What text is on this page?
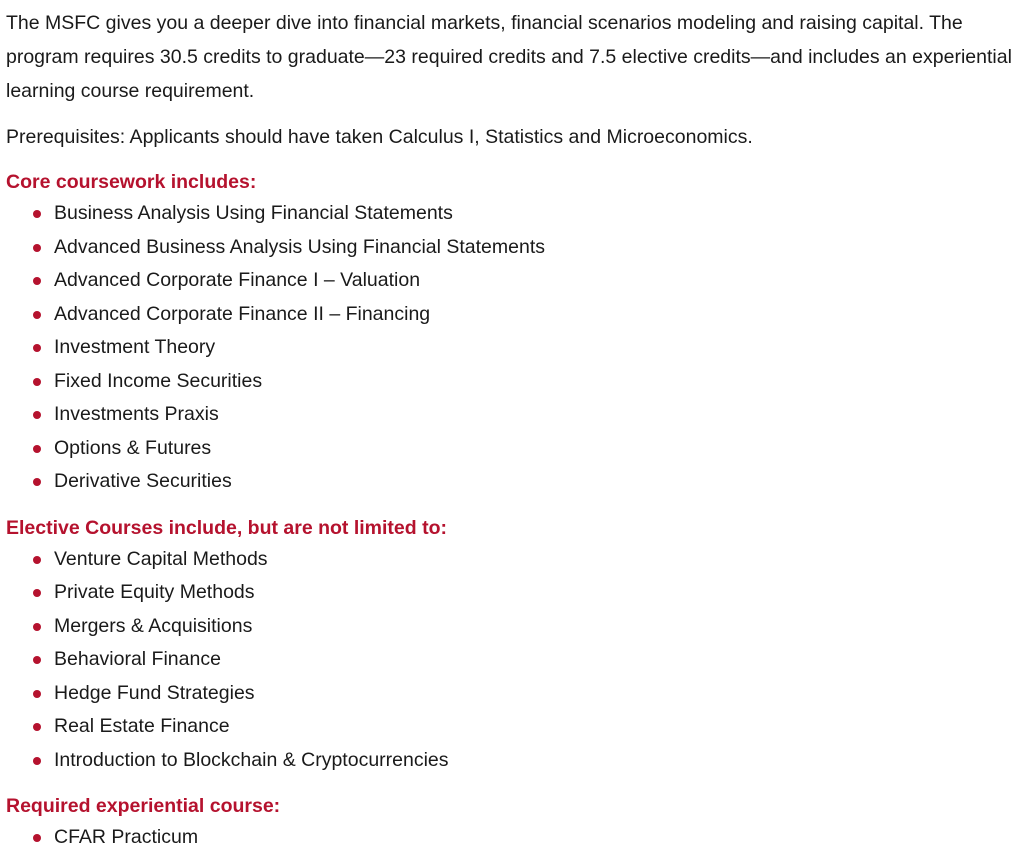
The MSFC gives you a deeper dive into financial markets, financial scenarios modeling and raising capital. The program requires 30.5 credits to graduate—23 required credits and 7.5 elective credits—and includes an experiential learning course requirement.

Prerequisites: Applicants should have taken Calculus I, Statistics and Microeconomics.

Core coursework includes:
Business Analysis Using Financial Statements
Advanced Business Analysis Using Financial Statements
Advanced Corporate Finance I – Valuation
Advanced Corporate Finance II – Financing
Investment Theory
Fixed Income Securities
Investments Praxis
Options & Futures
Derivative Securities
Elective Courses include, but are not limited to:
Venture Capital Methods
Private Equity Methods
Mergers & Acquisitions
Behavioral Finance
Hedge Fund Strategies
Real Estate Finance
Introduction to Blockchain & Cryptocurrencies
Required experiential course:
CFAR Practicum
